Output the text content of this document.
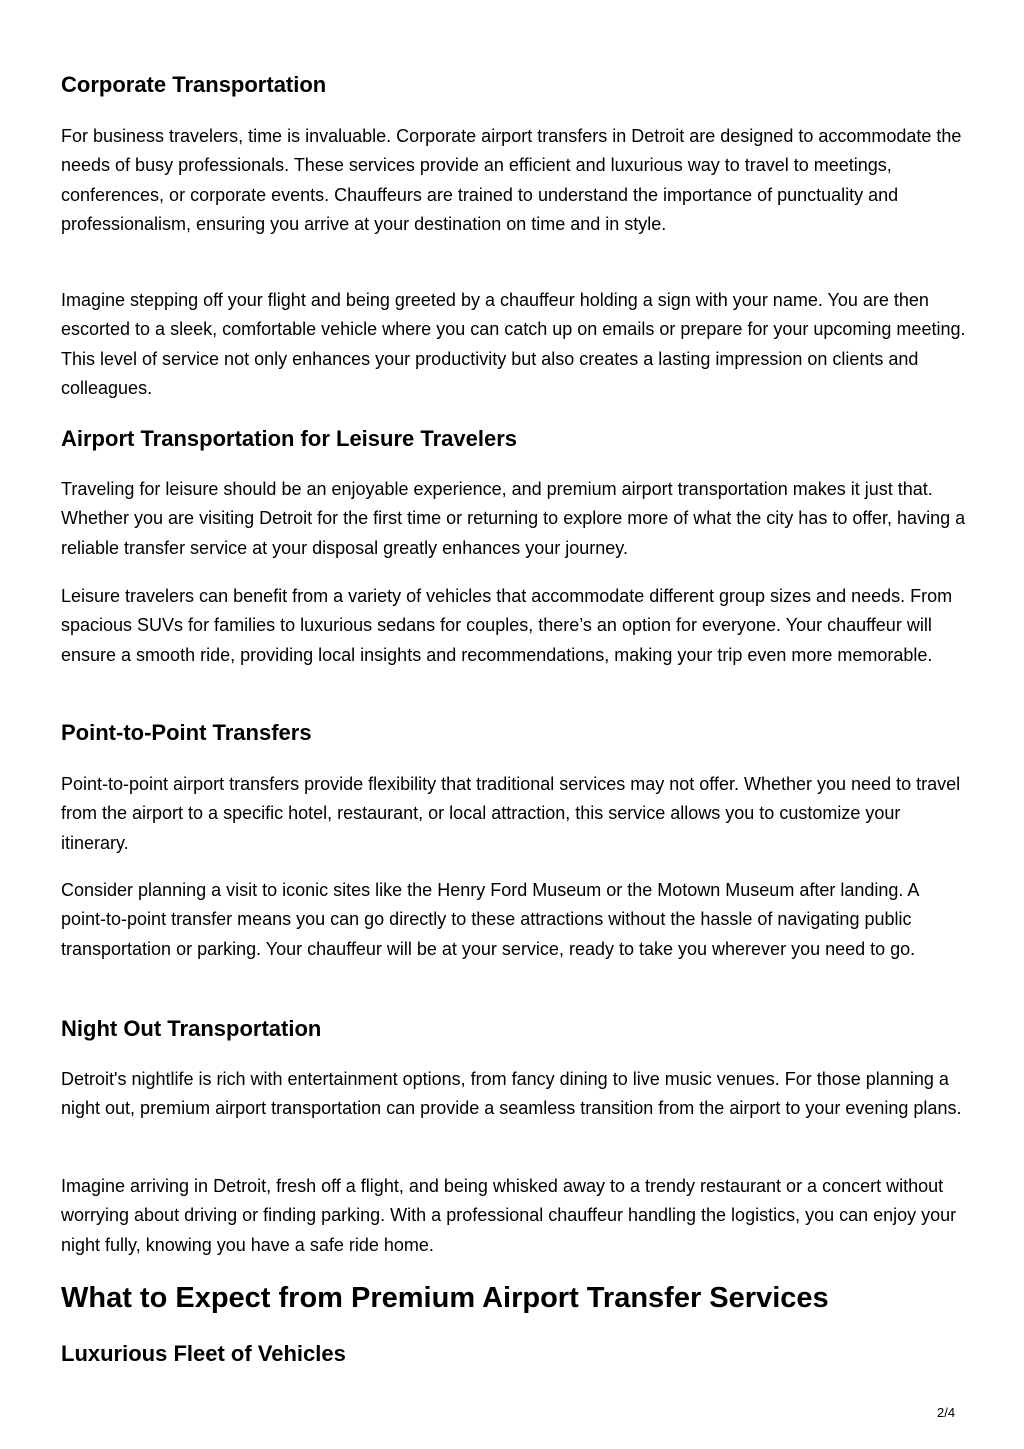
Corporate Transportation

For business travelers, time is invaluable. Corporate airport transfers in Detroit are designed to accommodate the needs of busy professionals. These services provide an efficient and luxurious way to travel to meetings, conferences, or corporate events. Chauffeurs are trained to understand the importance of punctuality and professionalism, ensuring you arrive at your destination on time and in style.

Imagine stepping off your flight and being greeted by a chauffeur holding a sign with your name. You are then escorted to a sleek, comfortable vehicle where you can catch up on emails or prepare for your upcoming meeting. This level of service not only enhances your productivity but also creates a lasting impression on clients and colleagues.

Airport Transportation for Leisure Travelers

Traveling for leisure should be an enjoyable experience, and premium airport transportation makes it just that. Whether you are visiting Detroit for the first time or returning to explore more of what the city has to offer, having a reliable transfer service at your disposal greatly enhances your journey.

Leisure travelers can benefit from a variety of vehicles that accommodate different group sizes and needs. From spacious SUVs for families to luxurious sedans for couples, there’s an option for everyone. Your chauffeur will ensure a smooth ride, providing local insights and recommendations, making your trip even more memorable.

Point-to-Point Transfers

Point-to-point airport transfers provide flexibility that traditional services may not offer. Whether you need to travel from the airport to a specific hotel, restaurant, or local attraction, this service allows you to customize your itinerary.

Consider planning a visit to iconic sites like the Henry Ford Museum or the Motown Museum after landing. A point-to-point transfer means you can go directly to these attractions without the hassle of navigating public transportation or parking. Your chauffeur will be at your service, ready to take you wherever you need to go.

Night Out Transportation

Detroit's nightlife is rich with entertainment options, from fancy dining to live music venues. For those planning a night out, premium airport transportation can provide a seamless transition from the airport to your evening plans.

Imagine arriving in Detroit, fresh off a flight, and being whisked away to a trendy restaurant or a concert without worrying about driving or finding parking. With a professional chauffeur handling the logistics, you can enjoy your night fully, knowing you have a safe ride home.

What to Expect from Premium Airport Transfer Services
Luxurious Fleet of Vehicles
2/4
